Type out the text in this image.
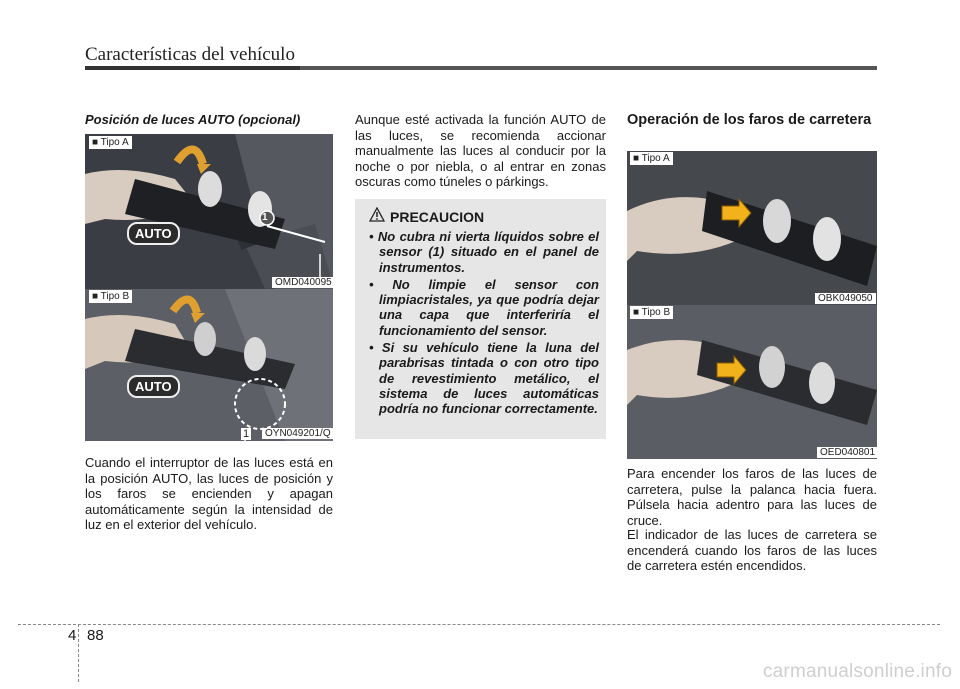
Características del vehículo
Posición de luces AUTO (opcional)
AUTO
1
■ Tipo A
OMD040095
AUTO
■ Tipo B
1	OYN049201/Q
Cuando el interruptor de las luces está en la posición AUTO, las luces de posición y los faros se encienden y apagan automáticamente según la intensidad de luz en el exterior del vehículo.
Aunque esté activada la función AUTO de las luces, se recomienda accionar manualmente las luces al conducir por la noche o por niebla, o al entrar en zonas oscuras como túneles o párkings.
PRECAUCION
• No cubra ni vierta líquidos sobre el sensor (1) situado en el panel de instrumentos.
• No limpie el sensor con limpiacristales, ya que podría dejar una capa que interferiría el funcionamiento del sensor.
• Si su vehículo tiene la luna del parabrisas tintada o con otro tipo de revestimiento metálico, el sistema de luces automáticas podría no funcionar correctamente.
Operación de los faros de carretera
■ Tipo A
OBK049050
■ Tipo B
OED040801
Para encender los faros de las luces de carretera, pulse la palanca hacia fuera. Púlsela hacia adentro para las luces de cruce.
El indicador de las luces de carretera se encenderá cuando los faros de las luces de carretera estén encendidos.
4 88
carmanualsonline.info
